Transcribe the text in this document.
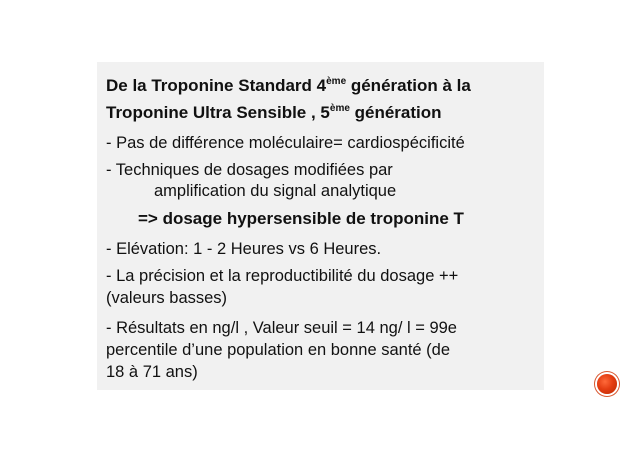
De la Troponine Standard 4ème génération à la
Troponine Ultra Sensible , 5ème génération
- Pas de différence moléculaire= cardiospécificité
- Techniques de dosages modifiées par
amplification du signal analytique
=> dosage hypersensible de troponine T
- Elévation: 1 - 2 Heures vs 6 Heures.
- La précision et la reproductibilité du dosage ++
(valeurs basses)
- Résultats en ng/l , Valeur seuil = 14 ng/ l = 99e
percentile d’une population en bonne santé (de
18 à 71 ans)
